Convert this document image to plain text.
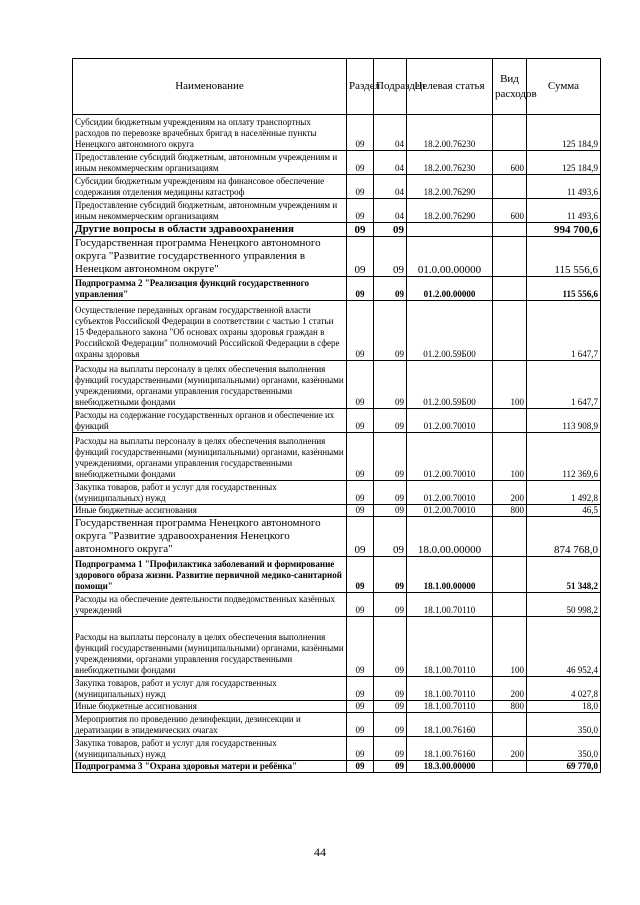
Наименование	Раздел	Подраздел	Целевая статья	Вид расходов	Сумма
Субсидии бюджетным учреждениям на оплату транспортных расходов по перевозке врачебных бригад в населённые пункты Ненецкого автономного округа	09	04	18.2.00.76230		125 184,9
Предоставление субсидий бюджетным, автономным учреждениям и иным некоммерческим организациям	09	04	18.2.00.76230	600	125 184,9
Субсидии бюджетным учреждениям на финансовое обеспечение содержания отделения медицины катастроф	09	04	18.2.00.76290		11 493,6
Предоставление субсидий бюджетным, автономным учреждениям и иным некоммерческим организациям	09	04	18.2.00.76290	600	11 493,6
Другие вопросы в области здравоохранения	09	09			994 700,6
Государственная программа Ненецкого автономного округа "Развитие государственного управления в Ненецком автономном округе"	09	09	01.0.00.00000		115 556,6
Подпрограмма 2 "Реализация функций государственного управления"	09	09	01.2.00.00000		115 556,6
Осуществление переданных органам государственной власти субъектов Российской Федерации в соответствии с частью 1 статьи 15 Федерального закона "Об основах охраны здоровья граждан в Российской Федерации" полномочий Российской Федерации в сфере охраны здоровья	09	09	01.2.00.59Б00		1 647,7
Расходы на выплаты персоналу в целях обеспечения выполнения функций государственными (муниципальными) органами, казёнными учреждениями, органами управления государственными внебюджетными фондами	09	09	01.2.00.59Б00	100	1 647,7
Расходы на содержание государственных органов и обеспечение их функций	09	09	01.2.00.70010		113 908,9
Расходы на выплаты персоналу в целях обеспечения выполнения функций государственными (муниципальными) органами, казёнными учреждениями, органами управления государственными внебюджетными фондами	09	09	01.2.00.70010	100	112 369,6
Закупка товаров, работ и услуг для государственных (муниципальных) нужд	09	09	01.2.00.70010	200	1 492,8
Иные бюджетные ассигнования	09	09	01.2.00.70010	800	46,5
Государственная программа Ненецкого автономного округа "Развитие здравоохранения Ненецкого автономного округа"	09	09	18.0.00.00000		874 768,0
Подпрограмма 1 "Профилактика заболеваний и формирование здорового образа жизни. Развитие первичной медико-санитарной помощи"	09	09	18.1.00.00000		51 348,2
Расходы на обеспечение деятельности подведомственных казённых учреждений	09	09	18.1.00.70110		50 998,2
Расходы на выплаты персоналу в целях обеспечения выполнения функций государственными (муниципальными) органами, казёнными учреждениями, органами управления государственными внебюджетными фондами	09	09	18.1.00.70110	100	46 952,4
Закупка товаров, работ и услуг для государственных (муниципальных) нужд	09	09	18.1.00.70110	200	4 027,8
Иные бюджетные ассигнования	09	09	18.1.00.70110	800	18,0
Мероприятия по проведению дезинфекции, дезинсекции и дератизации в эпидемических очагах	09	09	18.1.00.76160		350,0
Закупка товаров, работ и услуг для государственных (муниципальных) нужд	09	09	18.1.00.76160	200	350,0
Подпрограмма 3 "Охрана здоровья матери и ребёнка"	09	09	18.3.00.00000		69 770,0
44
